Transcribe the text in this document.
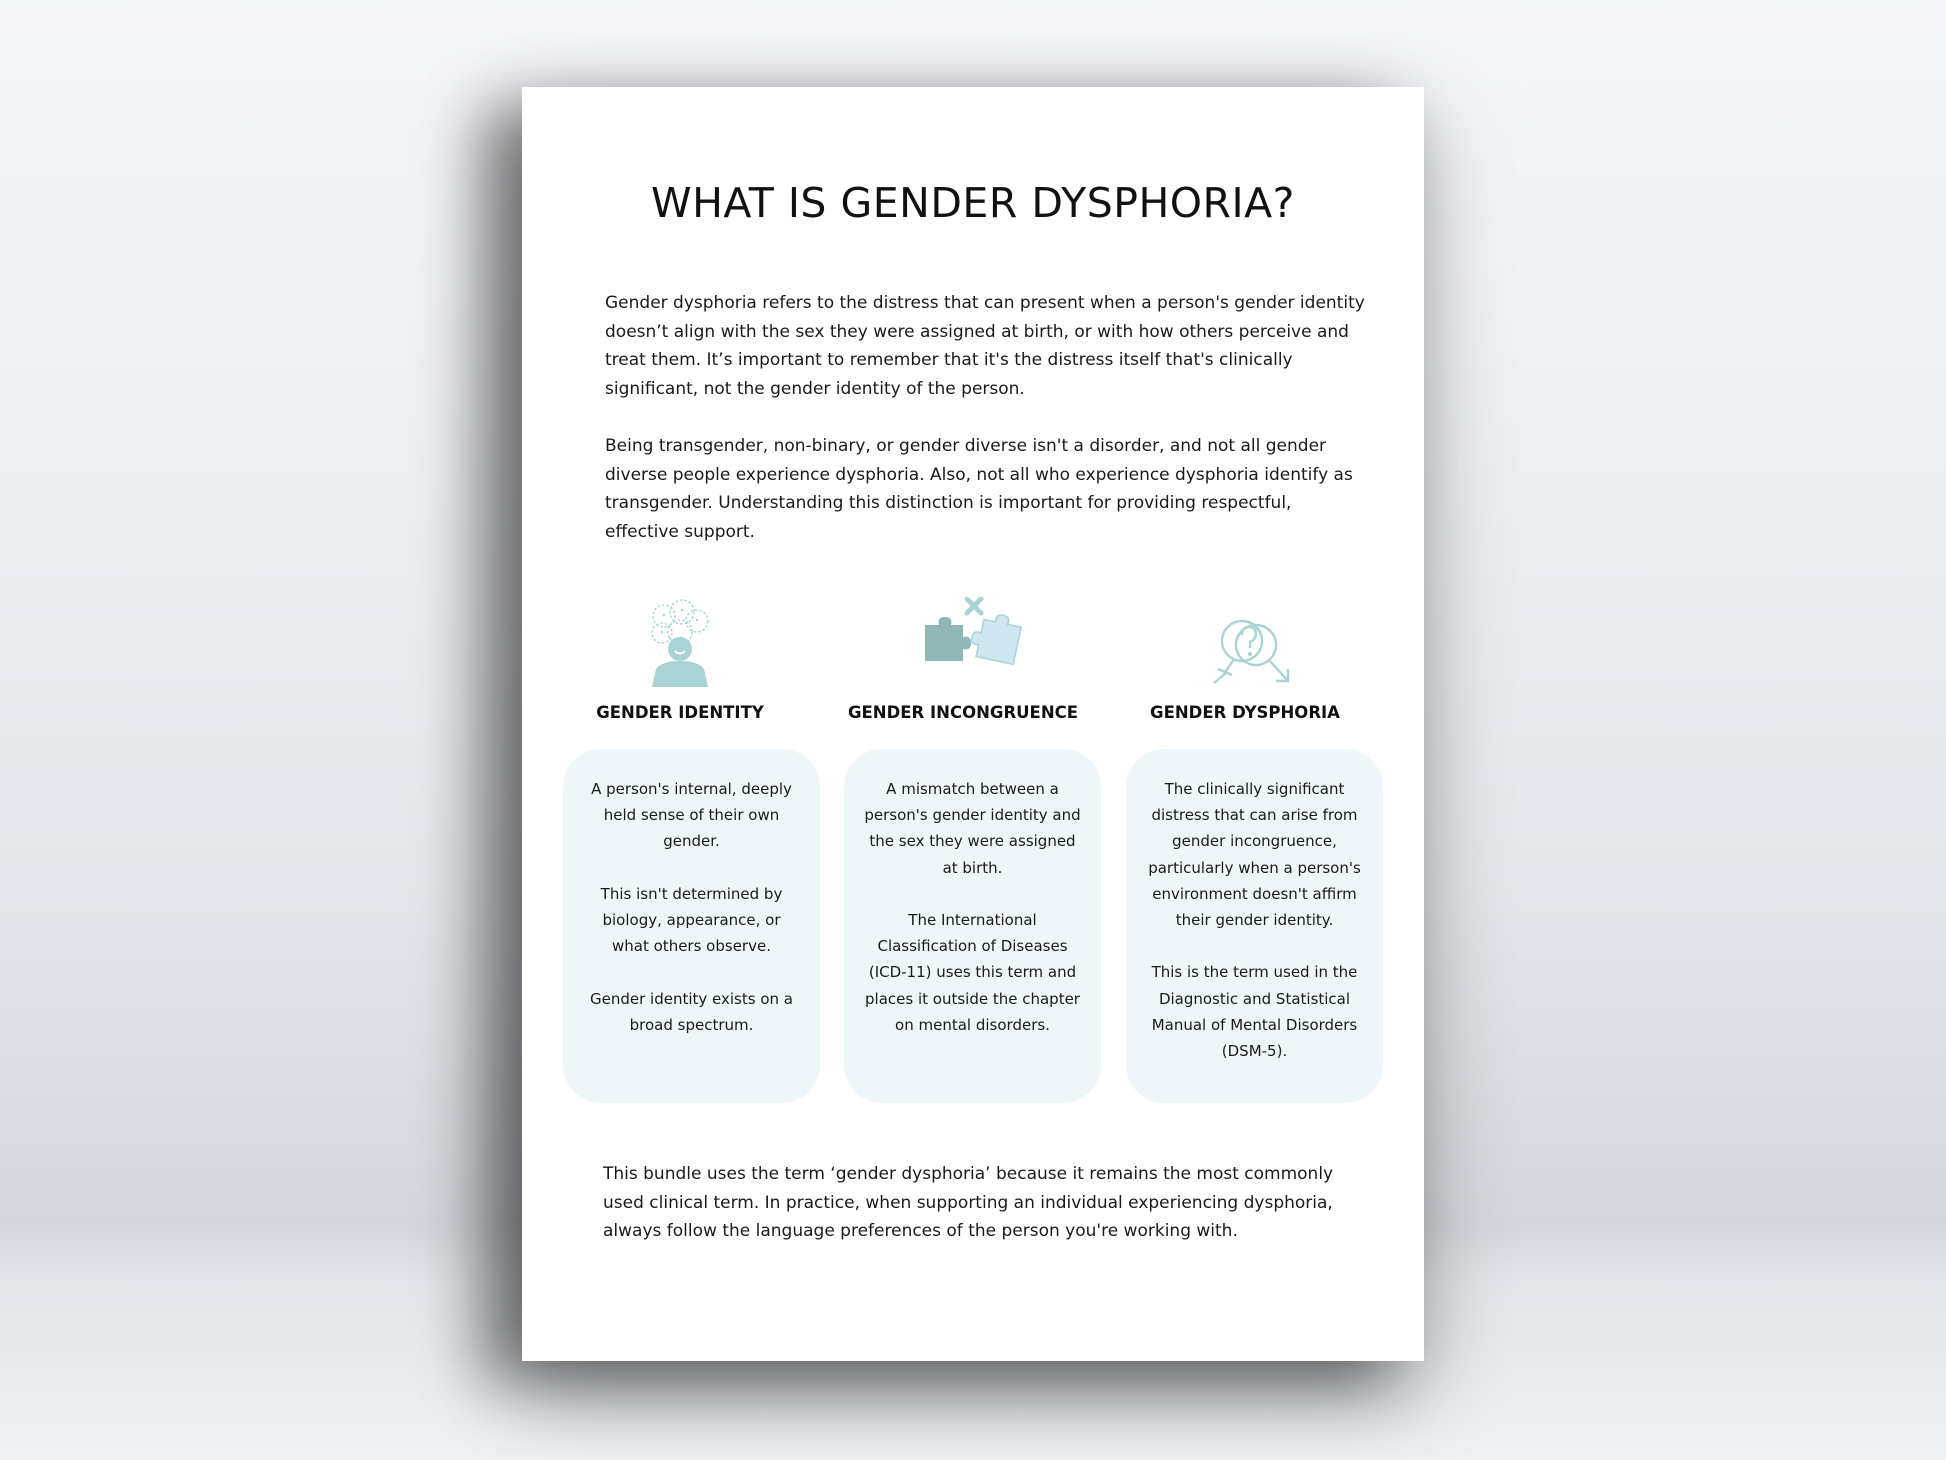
WHAT IS GENDER DYSPHORIA?

Gender dysphoria refers to the distress that can present when a person's gender identity doesn’t align with the sex they were assigned at birth, or with how others perceive and treat them. It’s important to remember that it's the distress itself that's clinically significant, not the gender identity of the person.

Being transgender, non-binary, or gender diverse isn't a disorder, and not all gender diverse people experience dysphoria. Also, not all who experience dysphoria identify as transgender. Understanding this distinction is important for providing respectful, effective support.

GENDER IDENTITY	GENDER INCONGRUENCE	GENDER DYSPHORIA

A person's internal, deeply held sense of their own gender.

This isn't determined by biology, appearance, or what others observe.

Gender identity exists on a broad spectrum.

A mismatch between a person's gender identity and the sex they were assigned at birth.

The International Classification of Diseases (ICD-11) uses this term and places it outside the chapter on mental disorders.

The clinically significant distress that can arise from gender incongruence, particularly when a person's environment doesn't affirm their gender identity.

This is the term used in the Diagnostic and Statistical Manual of Mental Disorders (DSM-5).

This bundle uses the term ‘gender dysphoria’ because it remains the most commonly used clinical term. In practice, when supporting an individual experiencing dysphoria, always follow the language preferences of the person you're working with.
